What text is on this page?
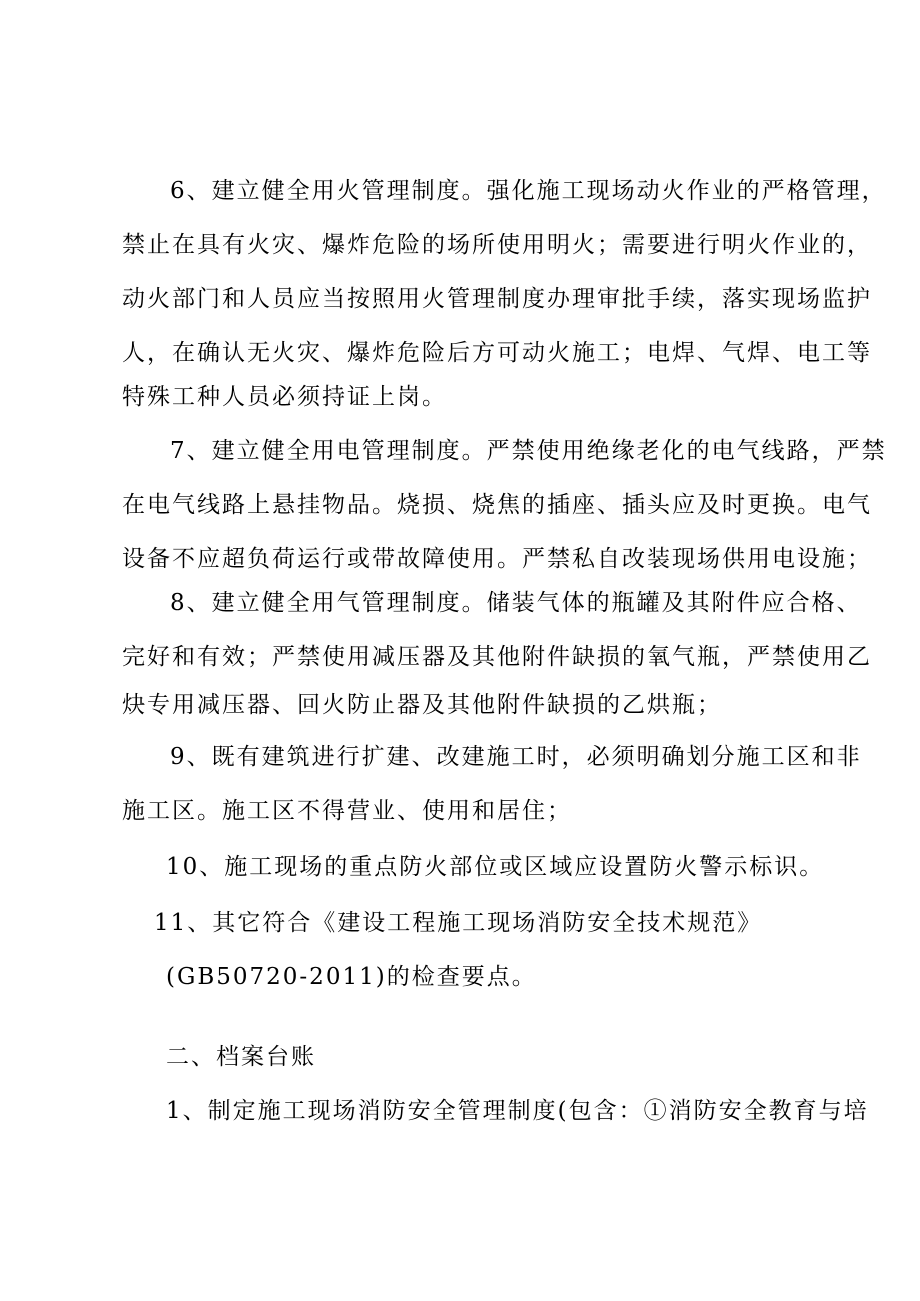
6、建立健全用火管理制度。强化施工现场动火作业的严格管理，
禁止在具有火灾、爆炸危险的场所使用明火；需要进行明火作业的，
动火部门和人员应当按照用火管理制度办理审批手续，落实现场监护
人，在确认无火灾、爆炸危险后方可动火施工；电焊、气焊、电工等
特殊工种人员必须持证上岗。
7、建立健全用电管理制度。严禁使用绝缘老化的电气线路，严禁
在电气线路上悬挂物品。烧损、烧焦的插座、插头应及时更换。电气
设备不应超负荷运行或带故障使用。严禁私自改装现场供用电设施；
8、建立健全用气管理制度。储装气体的瓶罐及其附件应合格、
完好和有效；严禁使用减压器及其他附件缺损的氧气瓶，严禁使用乙
炔专用减压器、回火防止器及其他附件缺损的乙烘瓶；
9、既有建筑进行扩建、改建施工时，必须明确划分施工区和非
施工区。施工区不得营业、使用和居住；
10、施工现场的重点防火部位或区域应设置防火警示标识。
11、其它符合《建设工程施工现场消防安全技术规范》
(GB50720-2011)的检查要点。
二、档案台账
1、制定施工现场消防安全管理制度(包含：①消防安全教育与培
